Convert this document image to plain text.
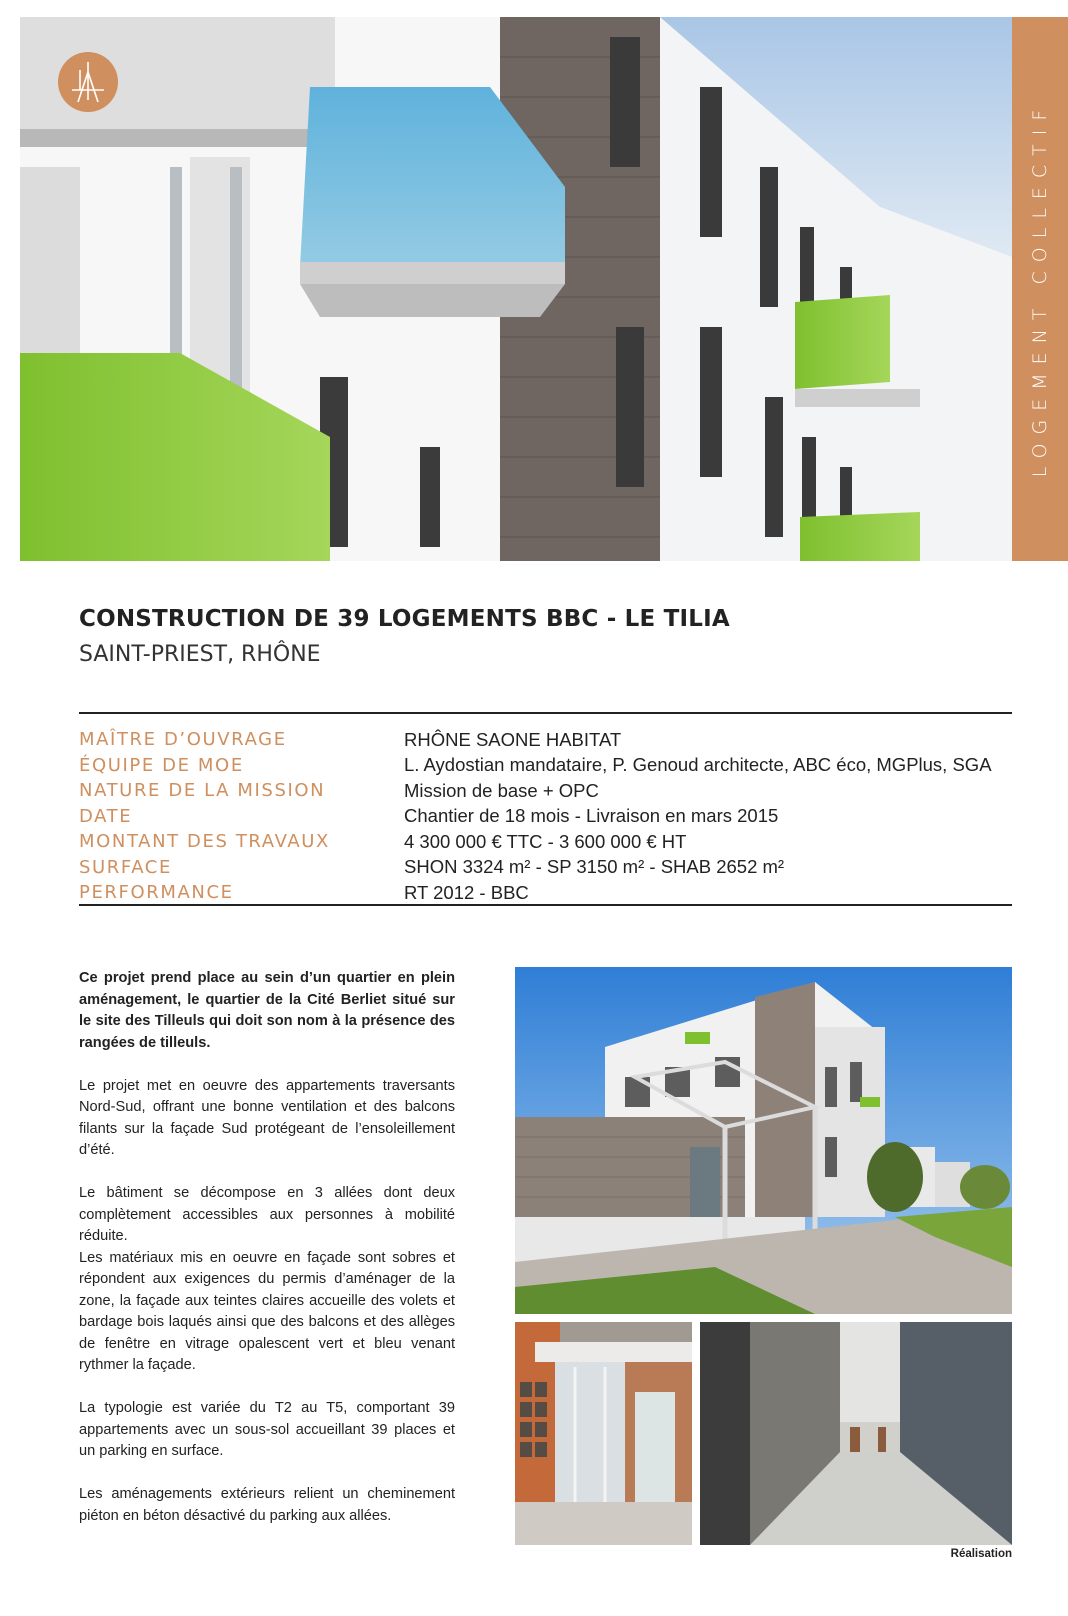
LOGEMENT COLLECTIF
CONSTRUCTION DE 39 LOGEMENTS BBC - LE TILIA
SAINT-PRIEST, RHÔNE
MAÎTRE D’OUVRAGE	RHÔNE SAONE HABITAT
ÉQUIPE DE MOE	L. Aydostian mandataire, P. Genoud architecte, ABC éco, MGPlus, SGA
NATURE DE LA MISSION	Mission de base + OPC
DATE	Chantier de 18 mois - Livraison en mars 2015
MONTANT DES TRAVAUX	4 300 000 € TTC - 3 600 000 € HT
SURFACE	SHON 3324 m² - SP 3150 m² - SHAB 2652 m²
PERFORMANCE	RT 2012 - BBC

Ce projet prend place au sein d’un quartier en plein aménagement, le quartier de la Cité Berliet situé sur le site des Tilleuls qui doit son nom à la présence des rangées de tilleuls.

Le projet met en oeuvre des appartements traversants Nord-Sud, offrant une bonne ventilation et des balcons filants sur la façade Sud protégeant de l’ensoleillement d’été.

Le bâtiment se décompose en 3 allées dont deux complètement accessibles aux personnes à mobilité réduite.

Les matériaux mis en oeuvre en façade sont sobres et répondent aux exigences du permis d’aménager de la zone, la façade aux teintes claires accueille des volets et bardage bois laqués ainsi que des balcons et des allèges de fenêtre en vitrage opalescent vert et bleu venant rythmer la façade.

La typologie est variée du T2 au T5, comportant 39 appartements avec un sous-sol accueillant 39 places et un parking en surface.

Les aménagements extérieurs relient un cheminement piéton en béton désactivé du parking aux allées.

Réalisation
